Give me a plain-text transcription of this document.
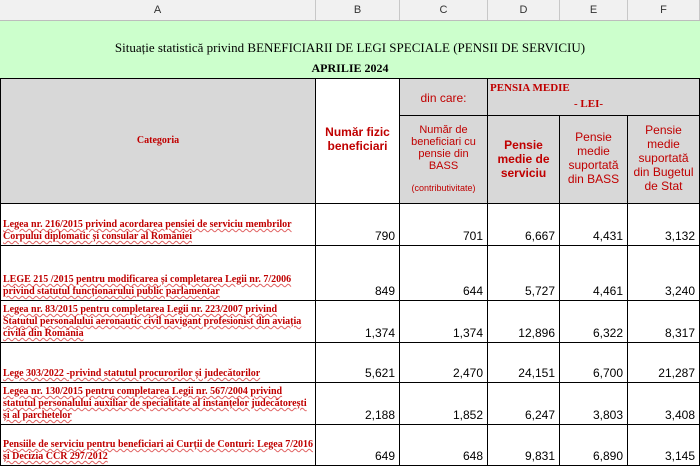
A	B	C	D	E	F
Situație statistică privind BENEFICIARII DE LEGI SPECIALE (PENSII DE SERVICIU)
APRILIE 2024
Categoria
Număr fizic beneficiari
din care:
PENSIA MEDIE
- LEI-
Număr de beneficiari cu pensie din BASS
(contributivitate)
Pensie medie de serviciu
Pensie medie suportată din BASS
Pensie medie suportată din Bugetul de Stat
Legea nr. 216/2015 privind acordarea pensiei de serviciu membrilor Corpului diplomatic și consular al României	790	701	6,667	4,431	3,132
LEGE 215 /2015 pentru modificarea și completarea Legii nr. 7/2006 privind statutul funcționarului public parlamentar	849	644	5,727	4,461	3,240
Legea nr. 83/2015 pentru completarea Legii nr. 223/2007 privind Statutul personalului aeronautic civil navigant profesionist din aviația civilă din România	1,374	1,374	12,896	6,322	8,317
Lege 303/2022 -privind statutul procurorilor și judecătorilor	5,621	2,470	24,151	6,700	21,287
Legea nr. 130/2015 pentru completarea Legii nr. 567/2004 privind statutul personalului auxiliar de specialitate al instanțelor judecătorești și al parchetelor	2,188	1,852	6,247	3,803	3,408
Pensiile de serviciu pentru beneficiari ai Curții de Conturi: Legea 7/2016 și Decizia CCR 297/2012	649	648	9,831	6,890	3,145
